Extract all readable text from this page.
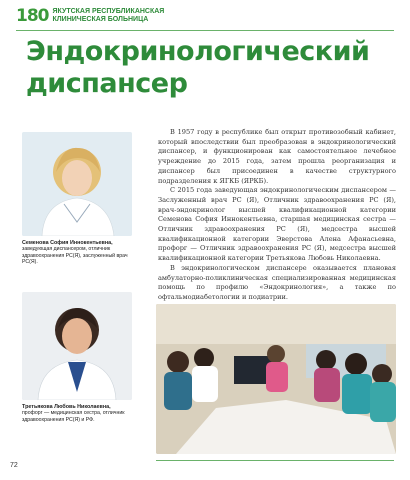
180 ЯКУТСКАЯ РЕСПУБЛИКАНСКАЯ
КЛИНИЧЕСКАЯ БОЛЬНИЦА
Эндокринологический
диспансер
Семенова София Иннокентьевна,
заведующая диспансером, отличник здравоохранения РС(Я), заслуженный врач РС(Я).
Третьякова Любовь Николаевна,
профорг — медицинская сестра, отличник здравоохранения РС(Я) и РФ.

В 1957 году в республике был открыт противозобный кабинет, который впоследствии был преобразован в эндокринологический диспансер, и функционирован как самостоятельное лечебное учреждение до 2015 года, затем прошла реорганизация и диспансер был присоединен в качестве структурного подразделения к ЯГКБ (ЯРКБ).

С 2015 года заведующая эндокринологическим диспансером — Заслуженный врач РС (Я), Отличник здравоохранения РС (Я), врач-эндокринолог высшей квалификационной категории Семенова София Иннокентьевна, старшая медицинская сестра — Отличник здравоохранения РС (Я), медсестра высшей квалификационной категории Эверстова Алена Афанасьевна, профорг — Отличник здравоохранения РС (Я), медсестра высшей квалификационной категории Третьякова Любовь Николаевна.

В эндокринологическом диспансере оказывается плановая амбулаторно-поликлиническая специализированная медицинская помощь по профилю «Эндокринология», а также по офтальмодиабетологии и подиатрии.

72
